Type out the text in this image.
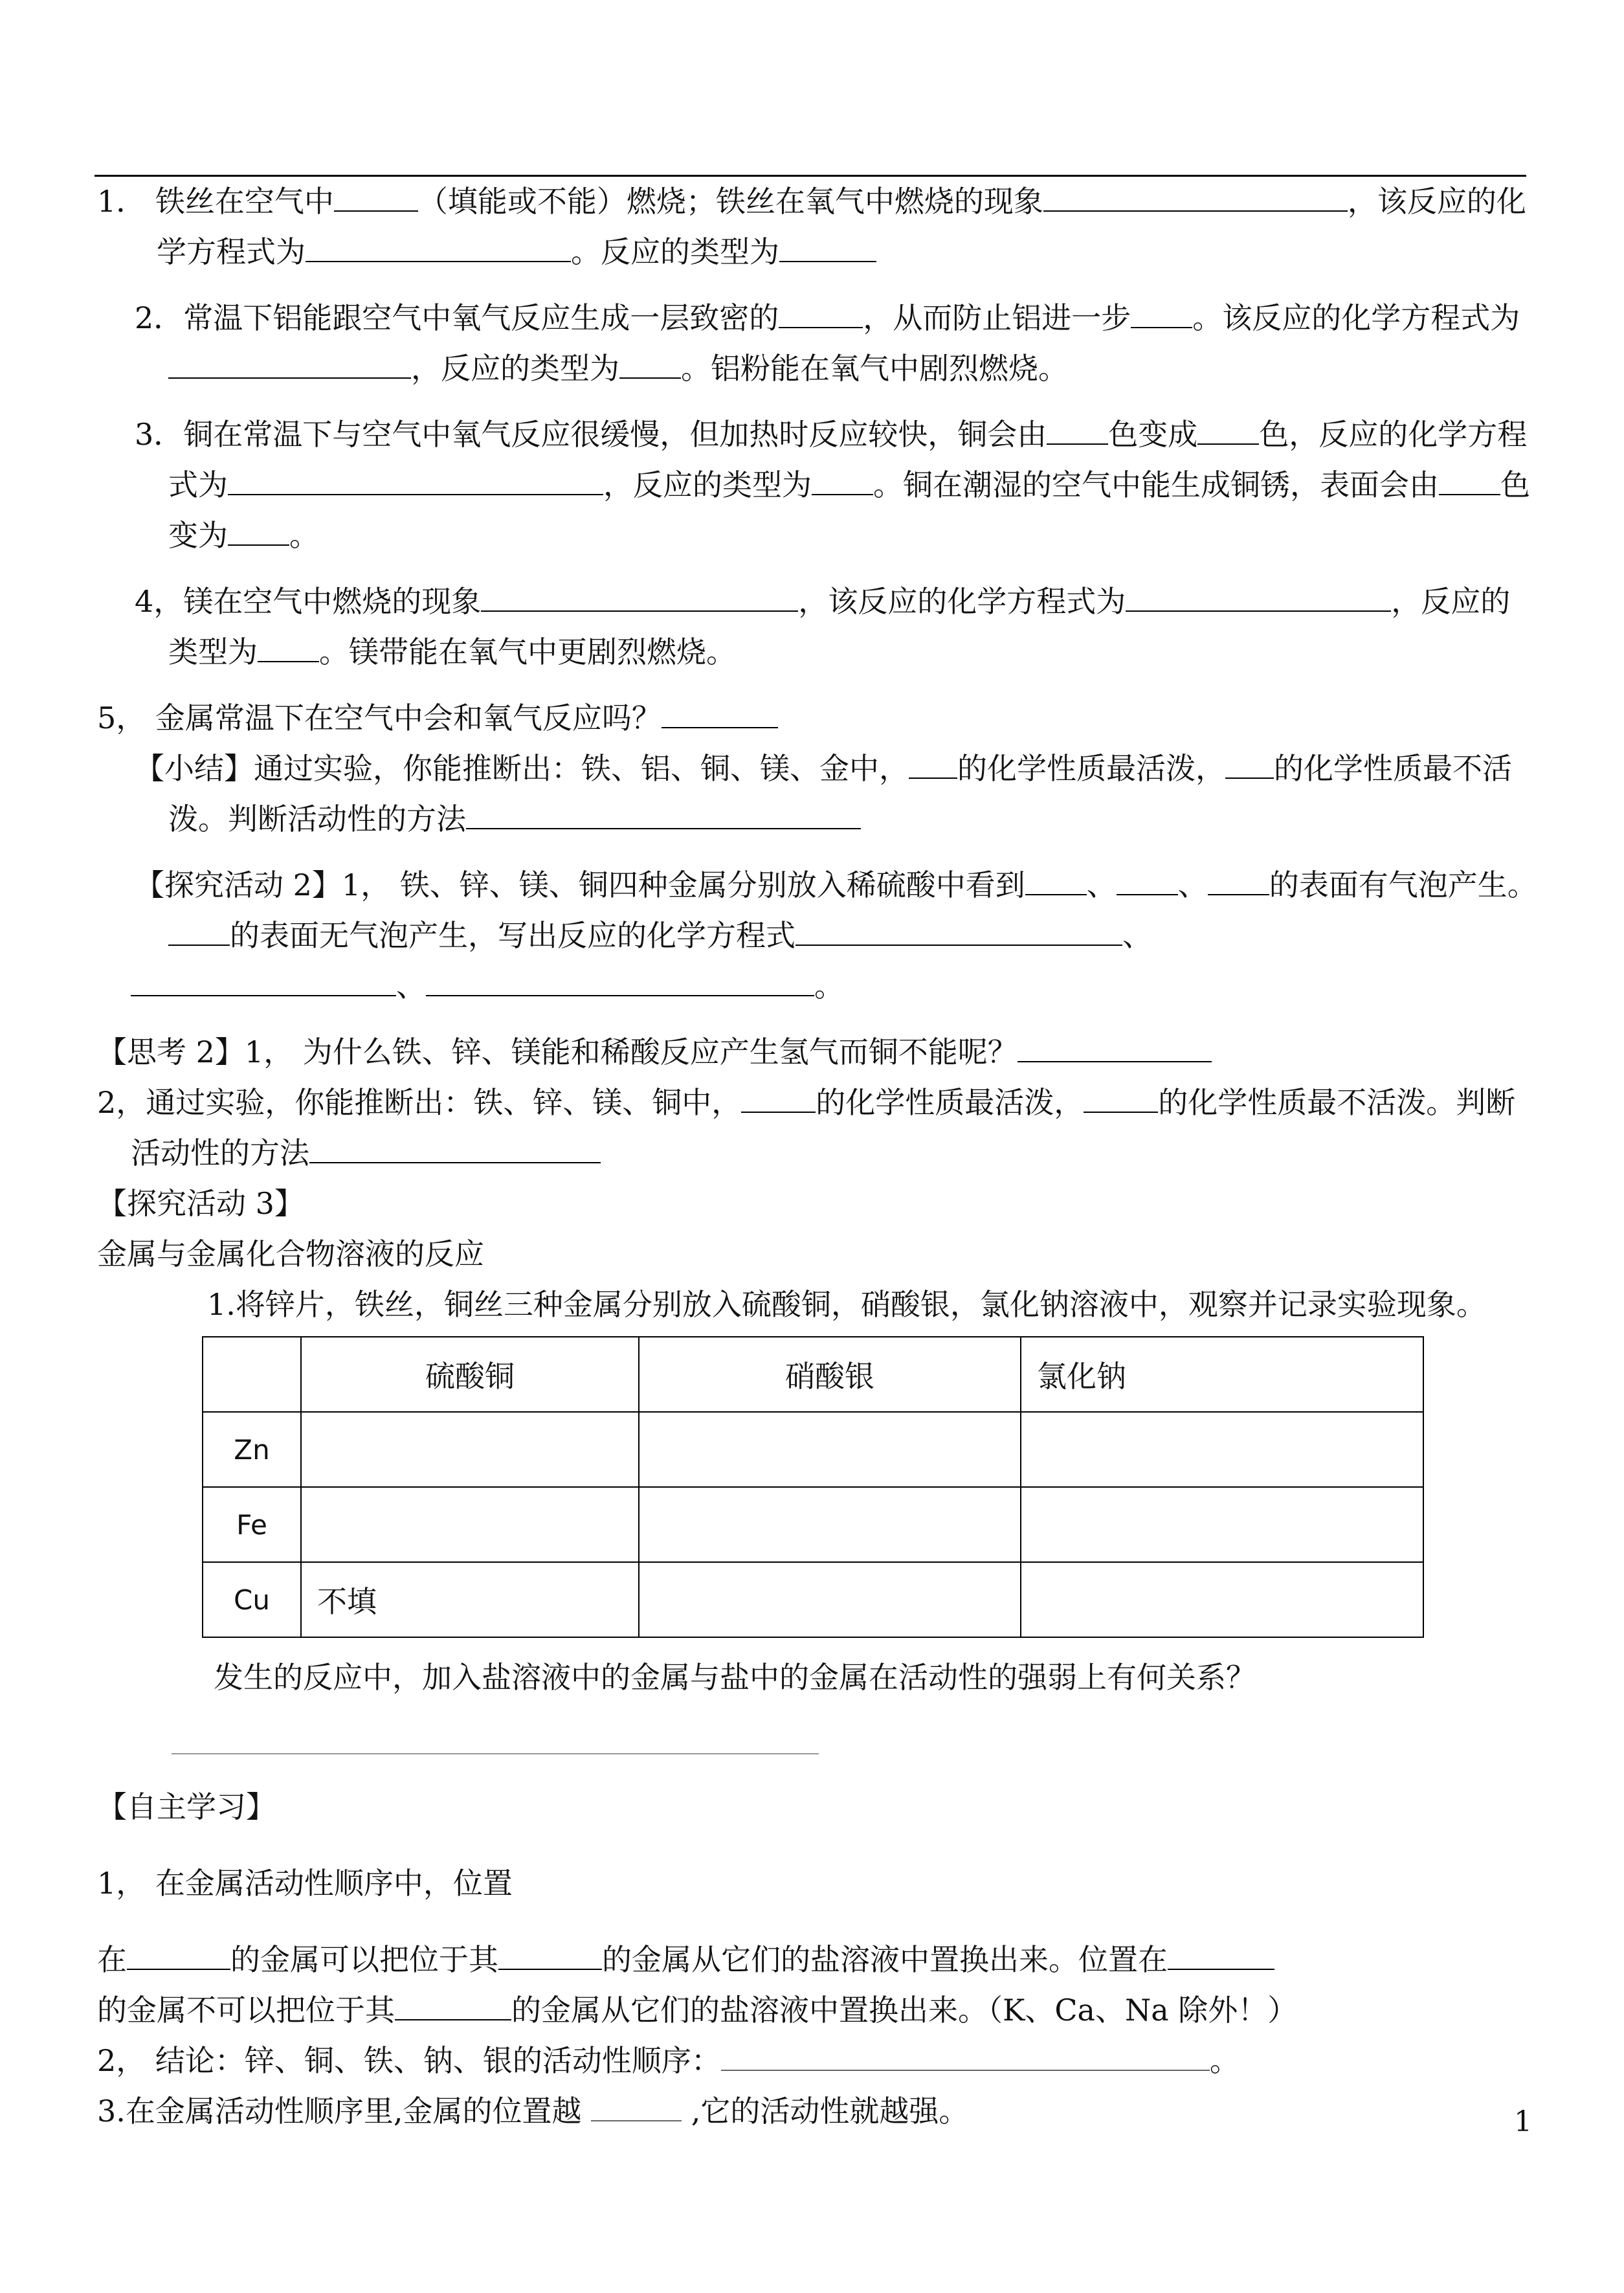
1． 铁丝在空气中	（填能或不能）燃烧；铁丝在氧气中燃烧的现象	，该反应的化学方程式为	。反应的类型为

2．常温下铝能跟空气中氧气反应生成一层致密的	，从而防止铝进一步 。该反应的化学方程式为，反应的类型为 。铝粉能在氧气中剧烈燃烧。

3．铜在常温下与空气中氧气反应很缓慢，但加热时反应较快，铜会由 色变成 色，反应的化学方程式为	，反应的类型为 。铜在潮湿的空气中能生成铜锈，表面会由 色变为 。

4，镁在空气中燃烧的现象	，该反应的化学方程式为	，反应的类型为 。镁带能在氧气中更剧烈燃烧。

5， 金属常温下在空气中会和氧气反应吗？

【小结】通过实验，你能推断出：铁、铝、铜、镁、金中， 的化学性质最活泼， 的化学性质最不活泼。判断活动性的方法

【探究活动 2】1， 铁、锌、镁、铜四种金属分别放入稀硫酸中看到 、 、 的表面有气泡产生。的表面无气泡产生，写出反应的化学方程式	、
、	。

【思考 2】1， 为什么铁、锌、镁能和稀酸反应产生氢气而铜不能呢？

2，通过实验，你能推断出：铁、锌、镁、铜中，	的化学性质最活泼，	的化学性质最不活泼。判断活动性的方法

【探究活动 3】

金属与金属化合物溶液的反应

1.将锌片，铁丝，铜丝三种金属分别放入硫酸铜，硝酸银，氯化钠溶液中，观察并记录实验现象。

	硫酸铜	硝酸银	氯化钠
Zn			
Fe			
Cu	不填		

发生的反应中，加入盐溶液中的金属与盐中的金属在活动性的强弱上有何关系？

【自主学习】

1， 在金属活动性顺序中，位置

在	的金属可以把位于其	的金属从它们的盐溶液中置换出来。位置在
的金属不可以把位于其	的金属从它们的盐溶液中置换出来。（K、Ca、Na 除外！）

2， 结论：锌、铜、铁、钠、银的活动性顺序：	。

3.在金属活动性顺序里,金属的位置越	,它的活动性就越强。	1
